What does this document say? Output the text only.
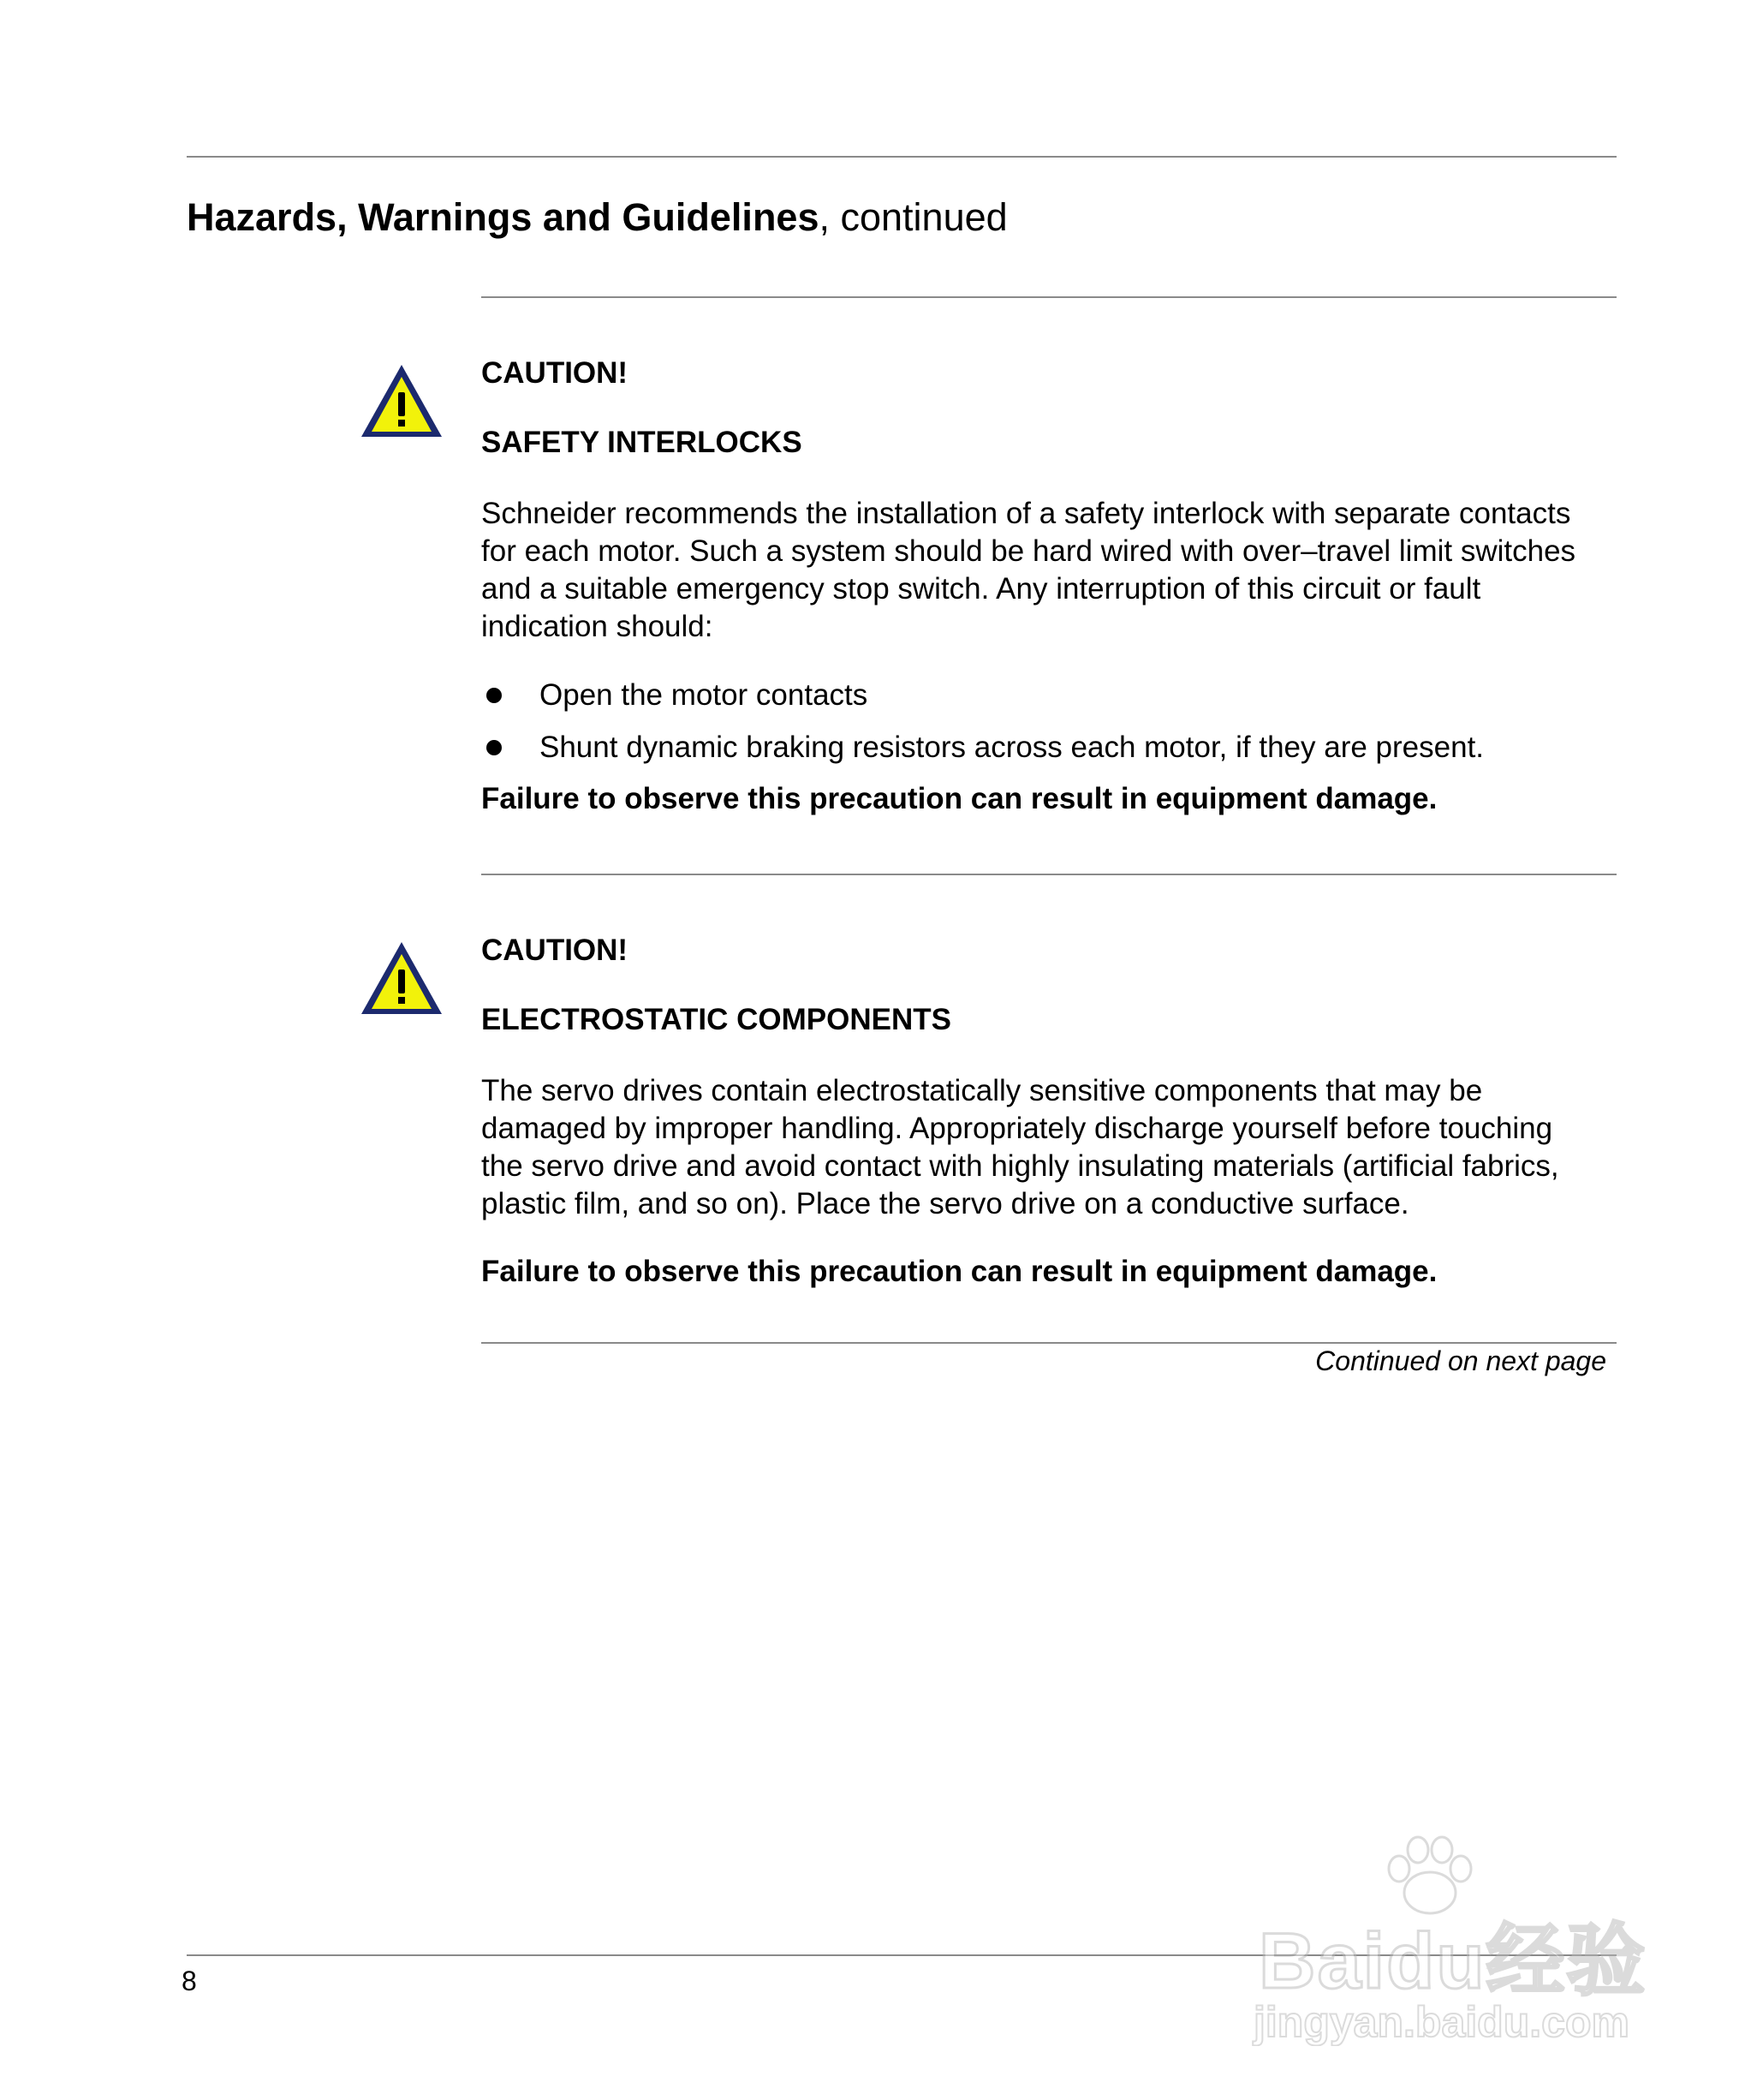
Hazards, Warnings and Guidelines, continued
CAUTION!
SAFETY INTERLOCKS
Schneider recommends the installation of a safety interlock with separate contacts
for each motor. Such a system should be hard wired with over–travel limit switches
and a suitable emergency stop switch. Any interruption of this circuit or fault
indication should:
Open the motor contacts
Shunt dynamic braking resistors across each motor, if they are present.
Failure to observe this precaution can result in equipment damage.
CAUTION!
ELECTROSTATIC COMPONENTS
The servo drives contain electrostatically sensitive components that may be
damaged by improper handling. Appropriately discharge yourself before touching
the servo drive and avoid contact with highly insulating materials (artificial fabrics,
plastic film, and so on). Place the servo drive on a conductive surface.
Failure to observe this precaution can result in equipment damage.
Continued on next page
8	Baidu经验
jingyan.baidu.com
